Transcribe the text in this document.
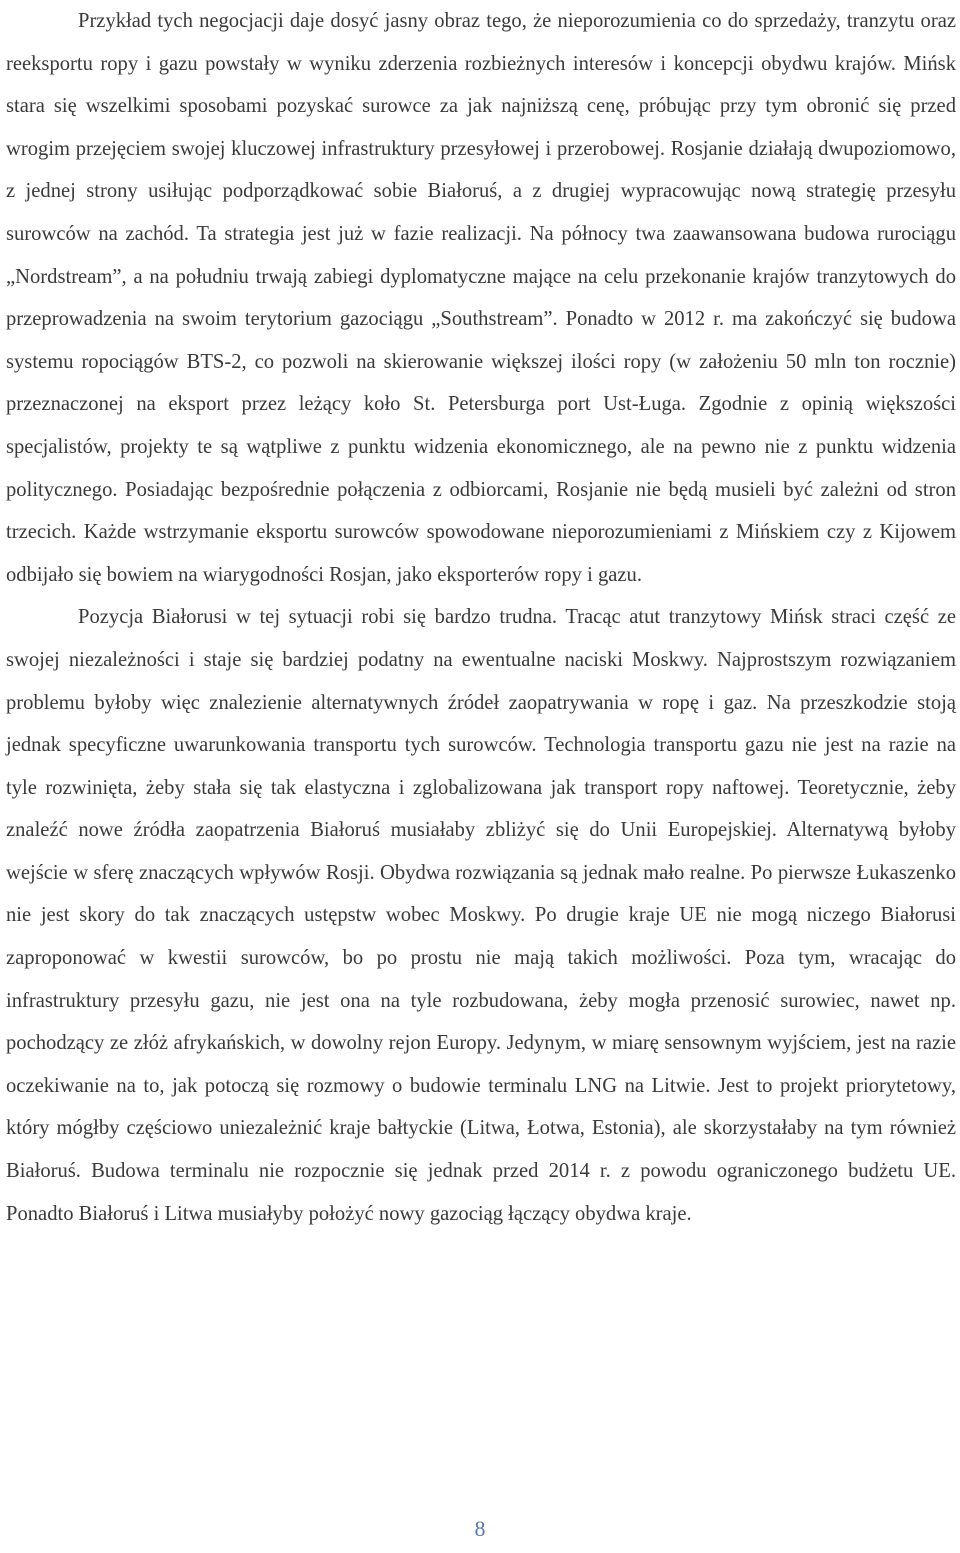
Przykład tych negocjacji daje dosyć jasny obraz tego, że nieporozumienia co do sprzedaży, tranzytu oraz reeksportu ropy i gazu powstały w wyniku zderzenia rozbieżnych interesów i koncepcji obydwu krajów. Mińsk stara się wszelkimi sposobami pozyskać surowce za jak najniższą cenę, próbując przy tym obronić się przed wrogim przejęciem swojej kluczowej infrastruktury przesyłowej i przerobowej. Rosjanie działają dwupoziomowo, z jednej strony usiłując podporządkować sobie Białoruś, a z drugiej wypracowując nową strategię przesyłu surowców na zachód. Ta strategia jest już w fazie realizacji. Na północy twa zaawansowana budowa rurociągu „Nordstream”, a na południu trwają zabiegi dyplomatyczne mające na celu przekonanie krajów tranzytowych do przeprowadzenia na swoim terytorium gazociągu „Southstream”. Ponadto w 2012 r. ma zakończyć się budowa systemu ropociągów BTS-2, co pozwoli na skierowanie większej ilości ropy (w założeniu 50 mln ton rocznie) przeznaczonej na eksport przez leżący koło St. Petersburga port Ust-Ługa. Zgodnie z opinią większości specjalistów, projekty te są wątpliwe z punktu widzenia ekonomicznego, ale na pewno nie z punktu widzenia politycznego. Posiadając bezpośrednie połączenia z odbiorcami, Rosjanie nie będą musieli być zależni od stron trzecich. Każde wstrzymanie eksportu surowców spowodowane nieporozumieniami z Mińskiem czy z Kijowem odbijało się bowiem na wiarygodności Rosjan, jako eksporterów ropy i gazu.

Pozycja Białorusi w tej sytuacji robi się bardzo trudna. Tracąc atut tranzytowy Mińsk straci część ze swojej niezależności i staje się bardziej podatny na ewentualne naciski Moskwy. Najprostszym rozwiązaniem problemu byłoby więc znalezienie alternatywnych źródeł zaopatrywania w ropę i gaz. Na przeszkodzie stoją jednak specyficzne uwarunkowania transportu tych surowców. Technologia transportu gazu nie jest na razie na tyle rozwinięta, żeby stała się tak elastyczna i zglobalizowana jak transport ropy naftowej. Teoretycznie, żeby znaleźć nowe źródła zaopatrzenia Białoruś musiałaby zbliżyć się do Unii Europejskiej. Alternatywą byłoby wejście w sferę znaczących wpływów Rosji. Obydwa rozwiązania są jednak mało realne. Po pierwsze Łukaszenko nie jest skory do tak znaczących ustępstw wobec Moskwy. Po drugie kraje UE nie mogą niczego Białorusi zaproponować w kwestii surowców, bo po prostu nie mają takich możliwości. Poza tym, wracając do infrastruktury przesyłu gazu, nie jest ona na tyle rozbudowana, żeby mogła przenosić surowiec, nawet np. pochodzący ze złóż afrykańskich, w dowolny rejon Europy. Jedynym, w miarę sensownym wyjściem, jest na razie oczekiwanie na to, jak potoczą się rozmowy o budowie terminalu LNG na Litwie. Jest to projekt priorytetowy, który mógłby częściowo uniezależnić kraje bałtyckie (Litwa, Łotwa, Estonia), ale skorzystałaby na tym również Białoruś. Budowa terminalu nie rozpocznie się jednak przed 2014 r. z powodu ograniczonego budżetu UE. Ponadto Białoruś i Litwa musiałyby położyć nowy gazociąg łączący obydwa kraje.

8
